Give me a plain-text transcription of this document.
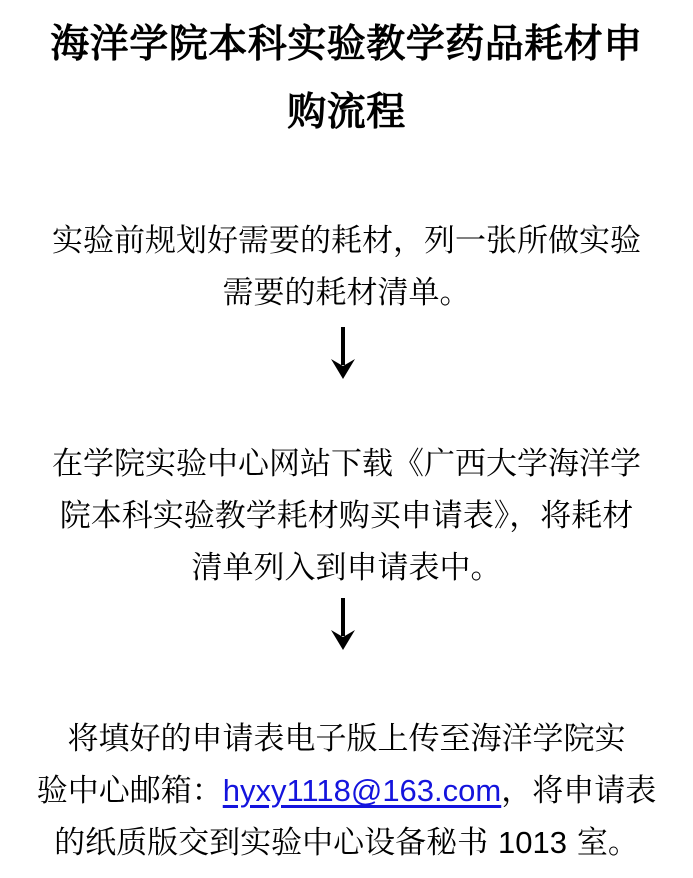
海洋学院本科实验教学药品耗材申
购流程

实验前规划好需要的耗材，列一张所做实验
需要的耗材清单。

在学院实验中心网站下载《广西大学海洋学
院本科实验教学耗材购买申请表》，将耗材
清单列入到申请表中。

将填好的申请表电子版上传至海洋学院实
验中心邮箱：hyxy1118@163.com，将申请表
的纸质版交到实验中心设备秘书 1013 室。
